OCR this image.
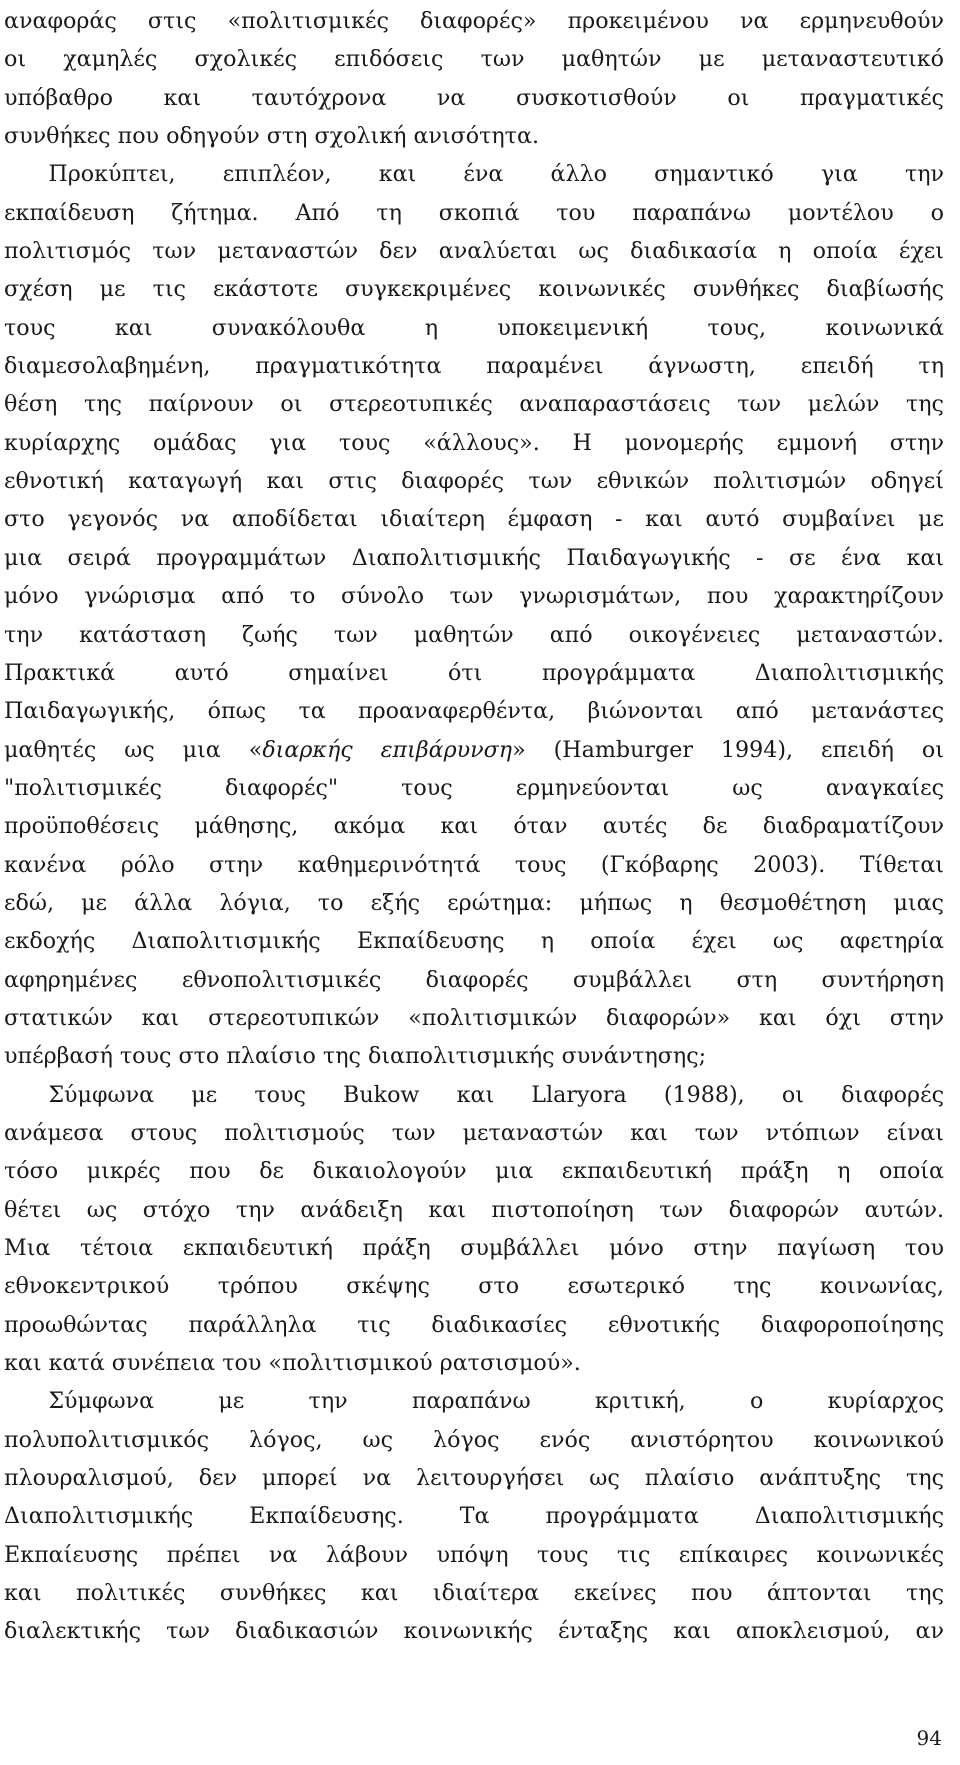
αναφοράς στις «πολιτισμικές διαφορές» προκειμένου να ερμηνευθούν
οι χαμηλές σχολικές επιδόσεις των μαθητών με μεταναστευτικό
υπόβαθρο και ταυτόχρονα να συσκοτισθούν οι πραγματικές
συνθήκες που οδηγούν στη σχολική ανισότητα.
  Προκύπτει, επιπλέον, και ένα άλλο σημαντικό για την
εκπαίδευση ζήτημα. Από τη σκοπιά του παραπάνω μοντέλου ο
πολιτισμός των μεταναστών δεν αναλύεται ως διαδικασία η οποία έχει
σχέση με τις εκάστοτε συγκεκριμένες κοινωνικές συνθήκες διαβίωσής
τους και συνακόλουθα η υποκειμενική τους, κοινωνικά
διαμεσολαβημένη, πραγματικότητα παραμένει άγνωστη, επειδή τη
θέση της παίρνουν οι στερεοτυπικές αναπαραστάσεις των μελών της
κυρίαρχης ομάδας για τους «άλλους». Η μονομερής εμμονή στην
εθνοτική καταγωγή και στις διαφορές των εθνικών πολιτισμών οδηγεί
στο γεγονός να αποδίδεται ιδιαίτερη έμφαση - και αυτό συμβαίνει με
μια σειρά προγραμμάτων Διαπολιτισμικής Παιδαγωγικής - σε ένα και
μόνο γνώρισμα από το σύνολο των γνωρισμάτων, που χαρακτηρίζουν
την κατάσταση ζωής των μαθητών από οικογένειες μεταναστών.
Πρακτικά αυτό σημαίνει ότι προγράμματα Διαπολιτισμικής
Παιδαγωγικής, όπως τα προαναφερθέντα, βιώνονται από μετανάστες
μαθητές ως μια «διαρκής επιβάρυνση» (Hamburger 1994), επειδή οι
"πολιτισμικές διαφορές" τους ερμηνεύονται ως αναγκαίες
προϋποθέσεις μάθησης, ακόμα και όταν αυτές δε διαδραματίζουν
κανένα ρόλο στην καθημερινότητά τους (Γκόβαρης 2003). Τίθεται
εδώ, με άλλα λόγια, το εξής ερώτημα: μήπως η θεσμοθέτηση μιας
εκδοχής Διαπολιτισμικής Εκπαίδευσης η οποία έχει ως αφετηρία
αφηρημένες εθνοπολιτισμικές διαφορές συμβάλλει στη συντήρηση
στατικών και στερεοτυπικών «πολιτισμικών διαφορών» και όχι στην
υπέρβασή τους στο πλαίσιο της διαπολιτισμικής συνάντησης;
  Σύμφωνα με τους Bukow και Llaryora (1988), οι διαφορές
ανάμεσα στους πολιτισμούς των μεταναστών και των ντόπιων είναι
τόσο μικρές που δε δικαιολογούν μια εκπαιδευτική πράξη η οποία
θέτει ως στόχο την ανάδειξη και πιστοποίηση των διαφορών αυτών.
Μια τέτοια εκπαιδευτική πράξη συμβάλλει μόνο στην παγίωση του
εθνοκεντρικού τρόπου σκέψης στο εσωτερικό της κοινωνίας,
προωθώντας παράλληλα τις διαδικασίες εθνοτικής διαφοροποίησης
και κατά συνέπεια του «πολιτισμικού ρατσισμού».
  Σύμφωνα με την παραπάνω κριτική, ο κυρίαρχος
πολυπολιτισμικός λόγος, ως λόγος ενός ανιστόρητου κοινωνικού
πλουραλισμού, δεν μπορεί να λειτουργήσει ως πλαίσιο ανάπτυξης της
Διαπολιτισμικής Εκπαίδευσης. Τα προγράμματα Διαπολιτισμικής
Εκπαίευσης πρέπει να λάβουν υπόψη τους τις επίκαιρες κοινωνικές
και πολιτικές συνθήκες και ιδιαίτερα εκείνες που άπτονται της
διαλεκτικής των διαδικασιών κοινωνικής ένταξης και αποκλεισμού, αν
94
